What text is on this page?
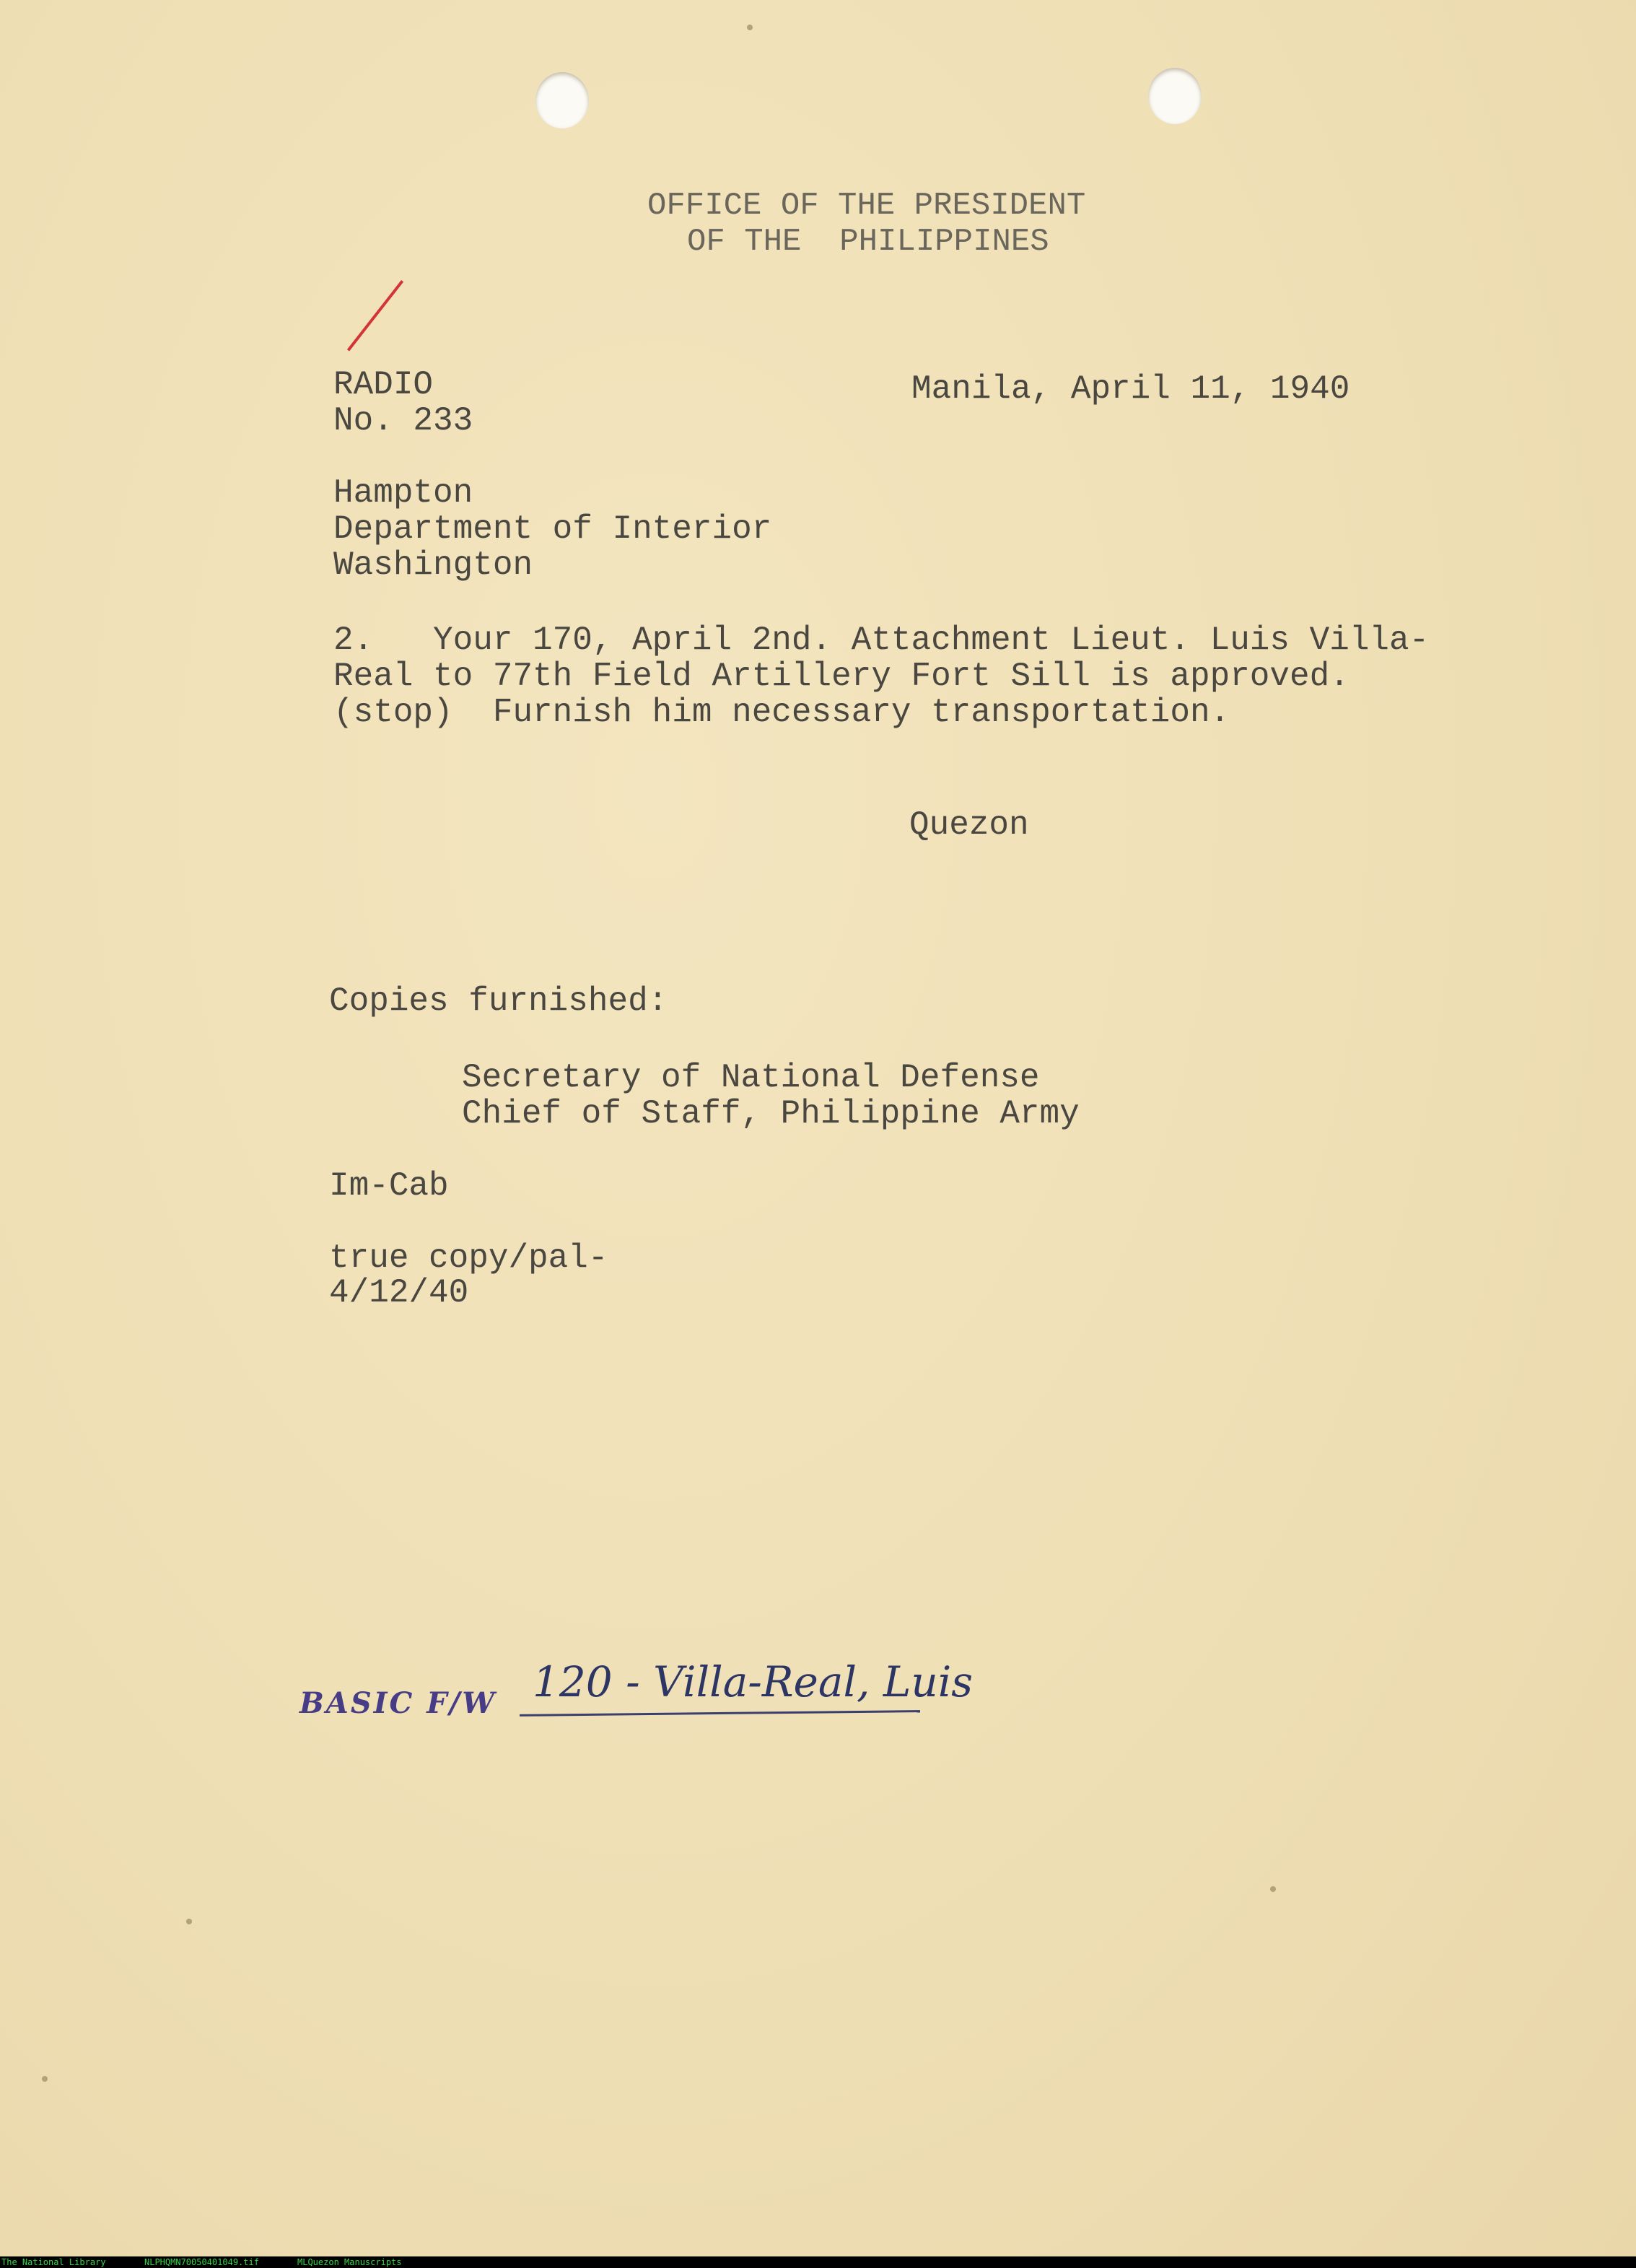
OFFICE OF THE PRESIDENT

OF THE  PHILIPPINES

RADIO

No. 233

Manila, April 11, 1940

Hampton

Department of Interior

Washington

2.   Your 170, April 2nd. Attachment Lieut. Luis Villa-

Real to 77th Field Artillery Fort Sill is approved.

(stop)  Furnish him necessary transportation.

Quezon

Copies furnished:

Secretary of National Defense

Chief of Staff, Philippine Army

Im-Cab

true copy/pal-

4/12/40

BASIC F/W 120 - Villa-Real, Luis
The National Library	NLPHQMN70050401049.tif	MLQuezon Manuscripts
